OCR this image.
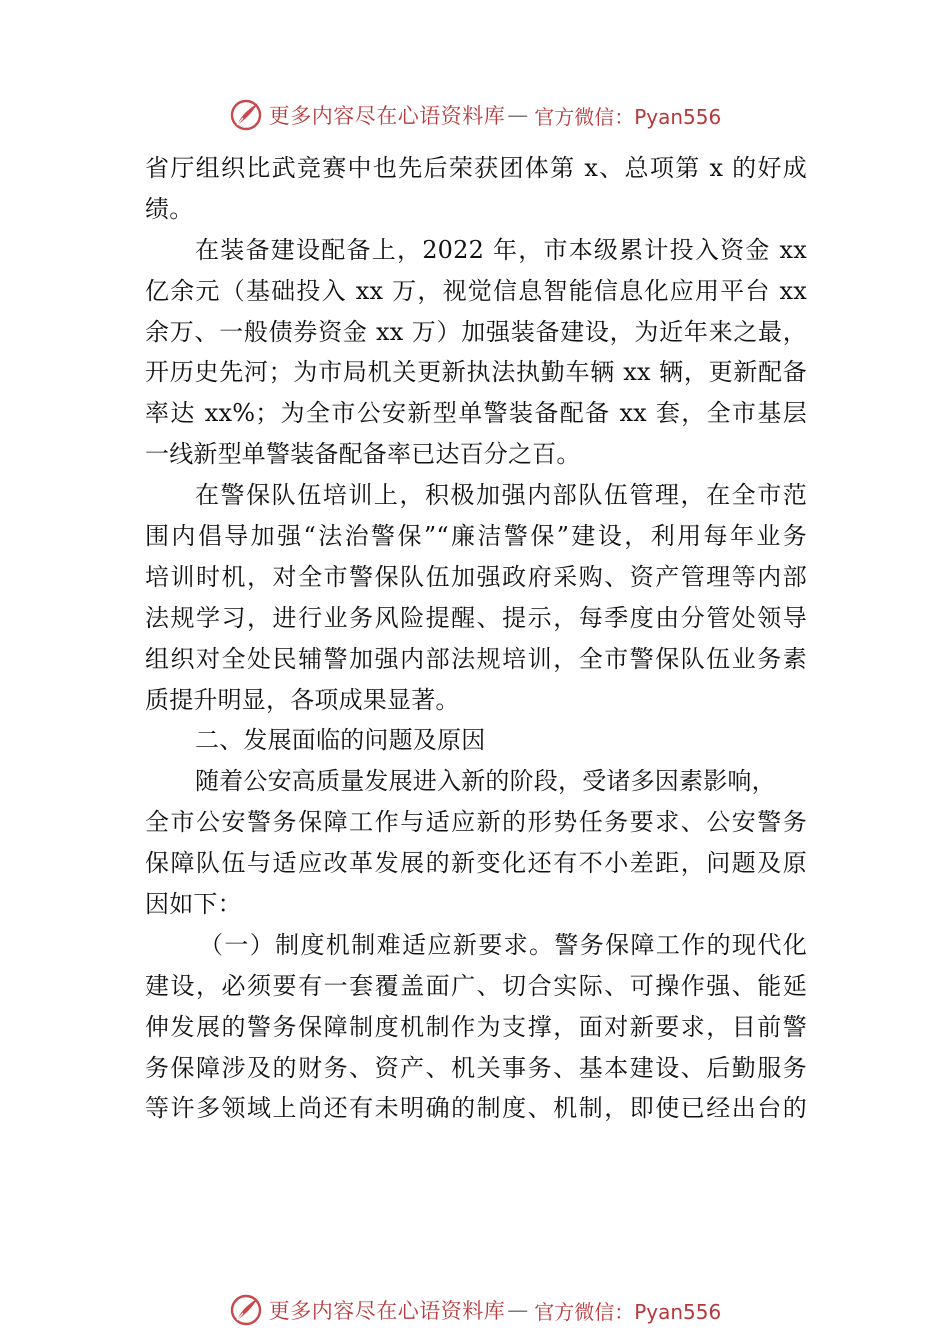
更多内容尽在心语资料库 — 官方微信：Pyan556
省厅组织比武竞赛中也先后荣获团体第 x、总项第 x 的好成
绩。
在装备建设配备上，2022 年，市本级累计投入资金 xx
亿余元（基础投入 xx 万，视觉信息智能信息化应用平台 xx
余万、一般债券资金 xx 万）加强装备建设，为近年来之最，
开历史先河；为市局机关更新执法执勤车辆 xx 辆，更新配备
率达 xx%；为全市公安新型单警装备配备 xx 套，全市基层
一线新型单警装备配备率已达百分之百。
在警保队伍培训上，积极加强内部队伍管理，在全市范
围内倡导加强“法治警保”“廉洁警保”建设，利用每年业务
培训时机，对全市警保队伍加强政府采购、资产管理等内部
法规学习，进行业务风险提醒、提示，每季度由分管处领导
组织对全处民辅警加强内部法规培训，全市警保队伍业务素
质提升明显，各项成果显著。
二、发展面临的问题及原因
随着公安高质量发展进入新的阶段，受诸多因素影响，
全市公安警务保障工作与适应新的形势任务要求、公安警务
保障队伍与适应改革发展的新变化还有不小差距，问题及原
因如下：
（一）制度机制难适应新要求。警务保障工作的现代化
建设，必须要有一套覆盖面广、切合实际、可操作强、能延
伸发展的警务保障制度机制作为支撑，面对新要求，目前警
务保障涉及的财务、资产、机关事务、基本建设、后勤服务
等许多领域上尚还有未明确的制度、机制，即使已经出台的
更多内容尽在心语资料库 — 官方微信：Pyan556
